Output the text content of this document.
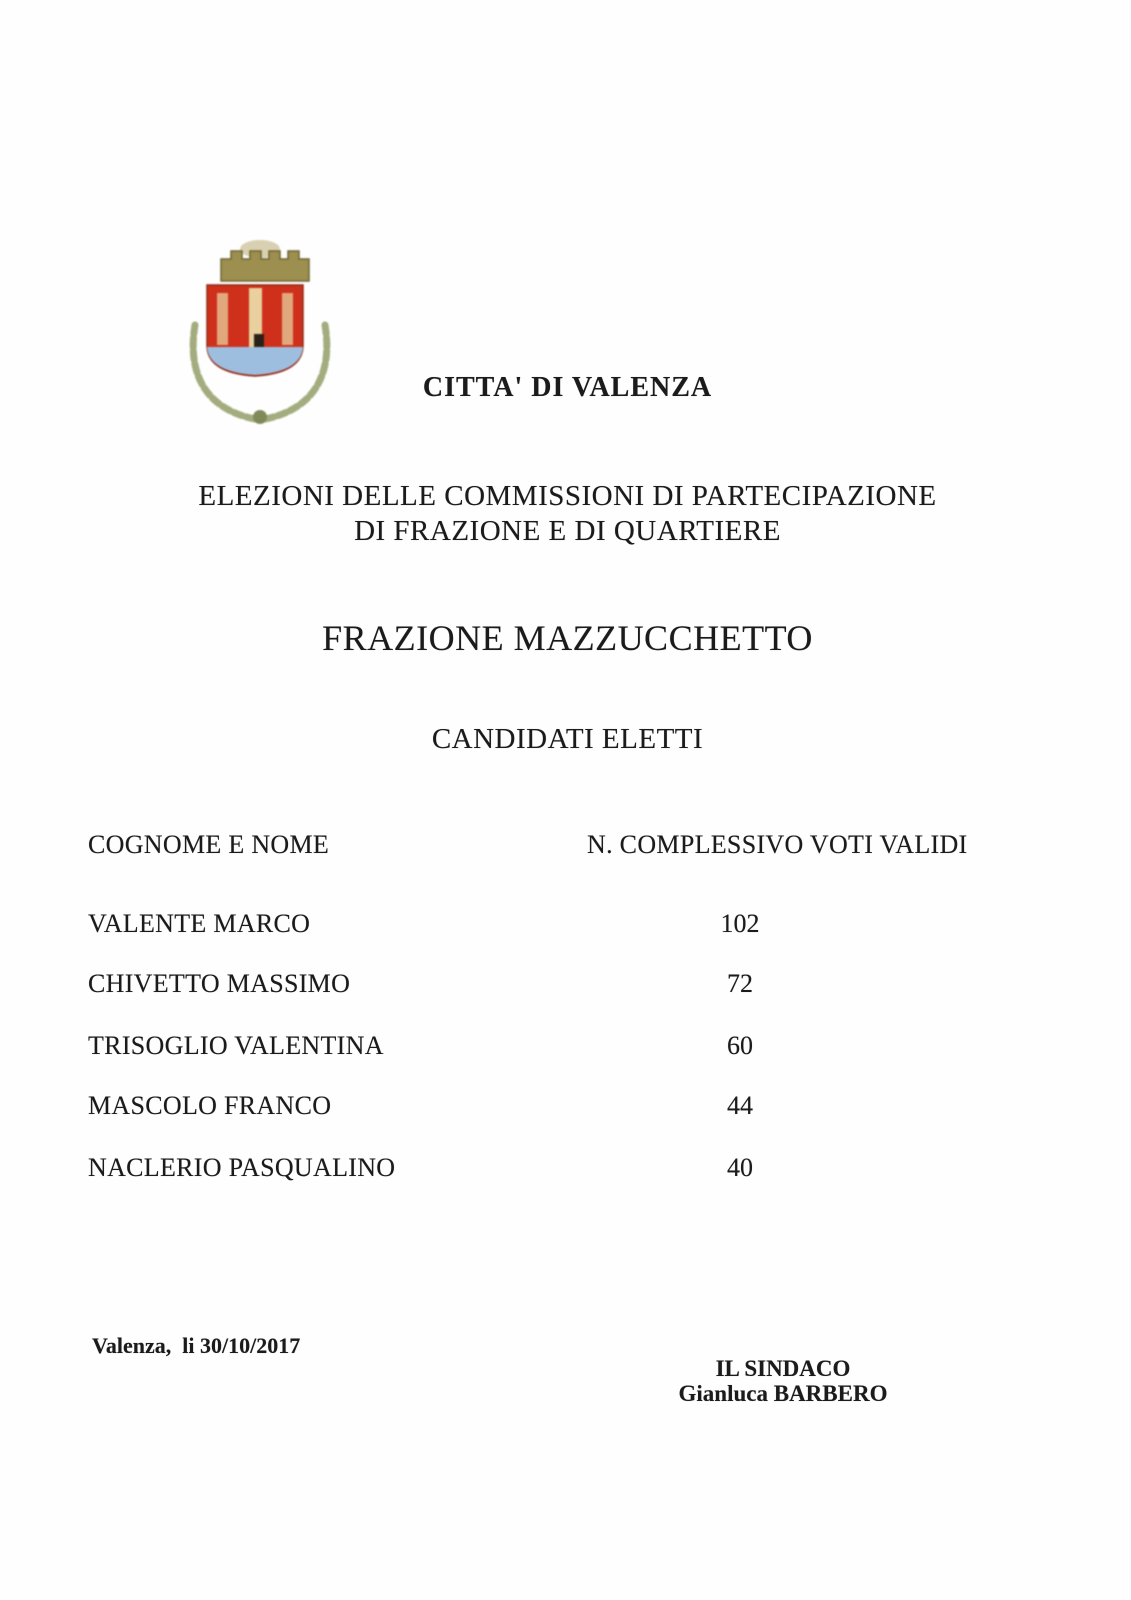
CITTA' DI VALENZA
ELEZIONI DELLE COMMISSIONI DI PARTECIPAZIONE
DI FRAZIONE E DI QUARTIERE
FRAZIONE MAZZUCCHETTO
CANDIDATI ELETTI
COGNOME E NOME	N. COMPLESSIVO VOTI VALIDI
VALENTE MARCO	102
CHIVETTO MASSIMO	72
TRISOGLIO VALENTINA	60
MASCOLO FRANCO	44
NACLERIO PASQUALINO	40
Valenza,  li 30/10/2017
IL SINDACO
Gianluca BARBERO
